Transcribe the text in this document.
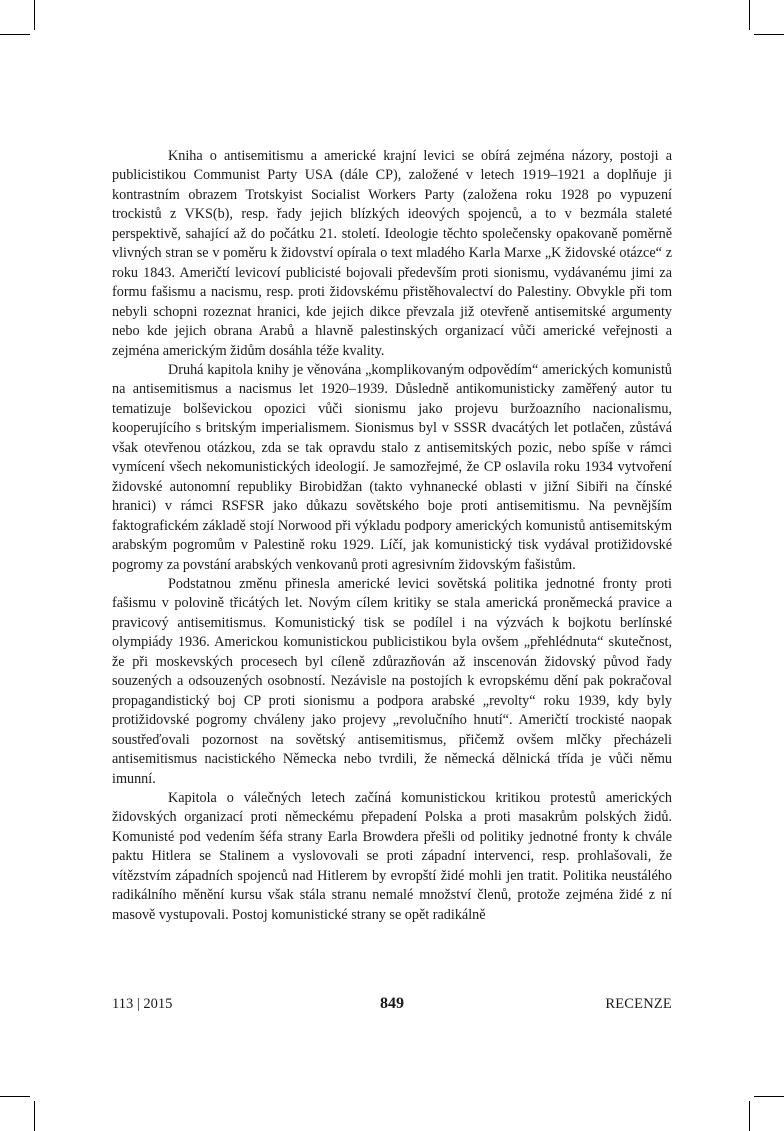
Kniha o antisemitismu a americké krajní levici se obírá zejména názory, postoji a publicistikou Communist Party USA (dále CP), založené v letech 1919–1921 a doplňuje ji kontrastním obrazem Trotskyist Socialist Workers Party (založena roku 1928 po vypuzení trockistů z VKS(b), resp. řady jejich blízkých ideových spojenců, a to v bezmála staleté perspektivě, sahající až do počátku 21. století. Ideologie těchto společensky opakovaně poměrně vlivných stran se v poměru k židovství opírala o text mladého Karla Marxe „K židovské otázce“ z roku 1843. Američtí levicoví publicisté bojovali především proti sionismu, vydávanému jimi za formu fašismu a nacismu, resp. proti židovskému přistěhovalectví do Palestiny. Obvykle při tom nebyli schopni rozeznat hranici, kde jejich dikce převzala již otevřeně antisemitské argumenty nebo kde jejich obrana Arabů a hlavně palestinských organizací vůči americké veřejnosti a zejména americkým židům dosáhla téže kvality.

Druhá kapitola knihy je věnována „komplikovaným odpovědím“ amerických komunistů na antisemitismus a nacismus let 1920–1939. Důsledně antikomunisticky zaměřený autor tu tematizuje bolševickou opozici vůči sionismu jako projevu buržoazního nacionalismu, kooperujícího s britským imperialismem. Sionismus byl v SSSR dvacátých let potlačen, zůstává však otevřenou otázkou, zda se tak opravdu stalo z antisemitských pozic, nebo spíše v rámci vymícení všech nekomunistických ideologií. Je samozřejmé, že CP oslavila roku 1934 vytvoření židovské autonomní republiky Birobidžan (takto vyhnanecké oblasti v jižní Sibiři na čínské hranici) v rámci RSFSR jako důkazu sovětského boje proti antisemitismu. Na pevnějším faktografickém základě stojí Norwood při výkladu podpory amerických komunistů antisemitským arabským pogromům v Palestině roku 1929. Líčí, jak komunistický tisk vydával protižidovské pogromy za povstání arabských venkovanů proti agresivním židovským fašistům.

Podstatnou změnu přinesla americké levici sovětská politika jednotné fronty proti fašismu v polovině třicátých let. Novým cílem kritiky se stala americká proněmecká pravice a pravicový antisemitismus. Komunistický tisk se podílel i na výzvách k bojkotu berlínské olympiády 1936. Americkou komunistickou publicistikou byla ovšem „přehlédnuta“ skutečnost, že při moskevských procesech byl cíleně zdůrazňován až inscenován židovský původ řady souzených a odsouzených osobností. Nezávisle na postojích k evropskému dění pak pokračoval propagandistický boj CP proti sionismu a podpora arabské „revolty“ roku 1939, kdy byly protižidovské pogromy chváleny jako projevy „revolučního hnutí“. Američtí trockisté naopak soustřeďovali pozornost na sovětský antisemitismus, přičemž ovšem mlčky přecházeli antisemitismus nacistického Německa nebo tvrdili, že německá dělnická třída je vůči němu imunní.

Kapitola o válečných letech začíná komunistickou kritikou protestů amerických židovských organizací proti německému přepadení Polska a proti masakrům polských židů. Komunisté pod vedením šéfa strany Earla Browdera přešli od politiky jednotné fronty k chvále paktu Hitlera se Stalinem a vyslovovali se proti západní intervenci, resp. prohlašovali, že vítězstvím západních spojenců nad Hitlerem by evropští židé mohli jen tratit. Politika neustálého radikálního měnění kursu však stála stranu nemalé množství členů, protože zejména židé z ní masově vystupovali. Postoj komunistické strany se opět radikálně

113 | 2015	849	RECENZE
